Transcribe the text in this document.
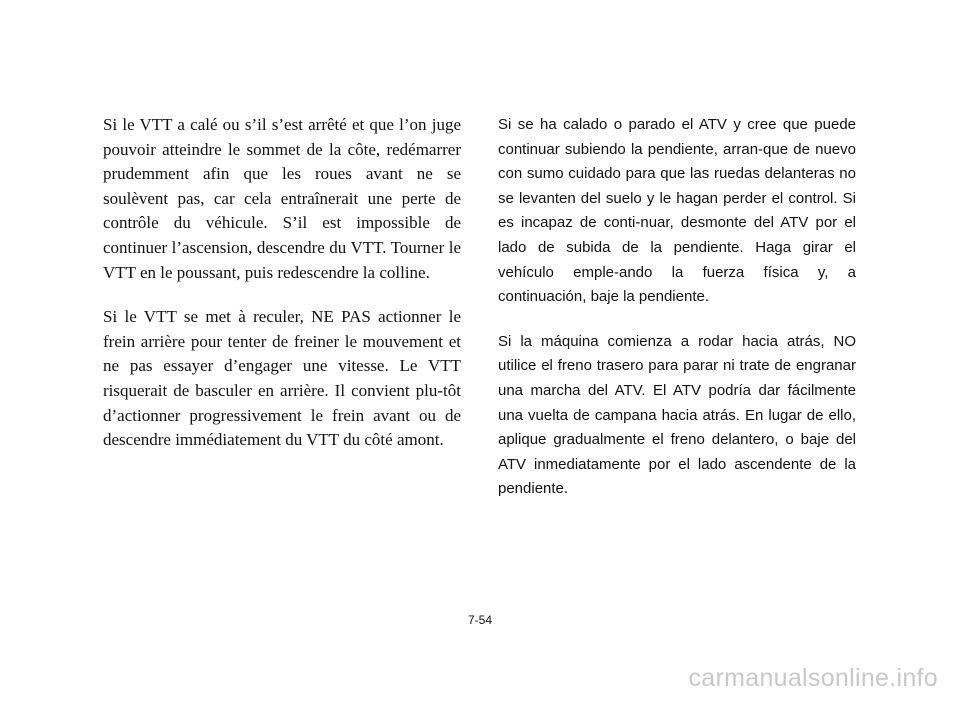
Si le VTT a calé ou s’il s’est arrêté et que l’on juge pouvoir atteindre le sommet de la côte, redémarrer prudemment afin que les roues avant ne se soulèvent pas, car cela entraînerait une perte de contrôle du véhicule. S’il est impossible de continuer l’ascension, descendre du VTT. Tourner le VTT en le poussant, puis redescendre la colline.

Si le VTT se met à reculer, NE PAS actionner le frein arrière pour tenter de freiner le mouvement et ne pas essayer d’engager une vitesse. Le VTT risquerait de basculer en arrière. Il convient plu-tôt d’actionner progressivement le frein avant ou de descendre immédiatement du VTT du côté amont.

Si se ha calado o parado el ATV y cree que puede continuar subiendo la pendiente, arran-que de nuevo con sumo cuidado para que las ruedas delanteras no se levanten del suelo y le hagan perder el control. Si es incapaz de conti-nuar, desmonte del ATV por el lado de subida de la pendiente. Haga girar el vehículo emple-ando la fuerza física y, a continuación, baje la pendiente.

Si la máquina comienza a rodar hacia atrás, NO utilice el freno trasero para parar ni trate de engranar una marcha del ATV. El ATV podría dar fácilmente una vuelta de campana hacia atrás. En lugar de ello, aplique gradualmente el freno delantero, o baje del ATV inmediatamente por el lado ascendente de la pendiente.

7-54
carmanualsonline.info
